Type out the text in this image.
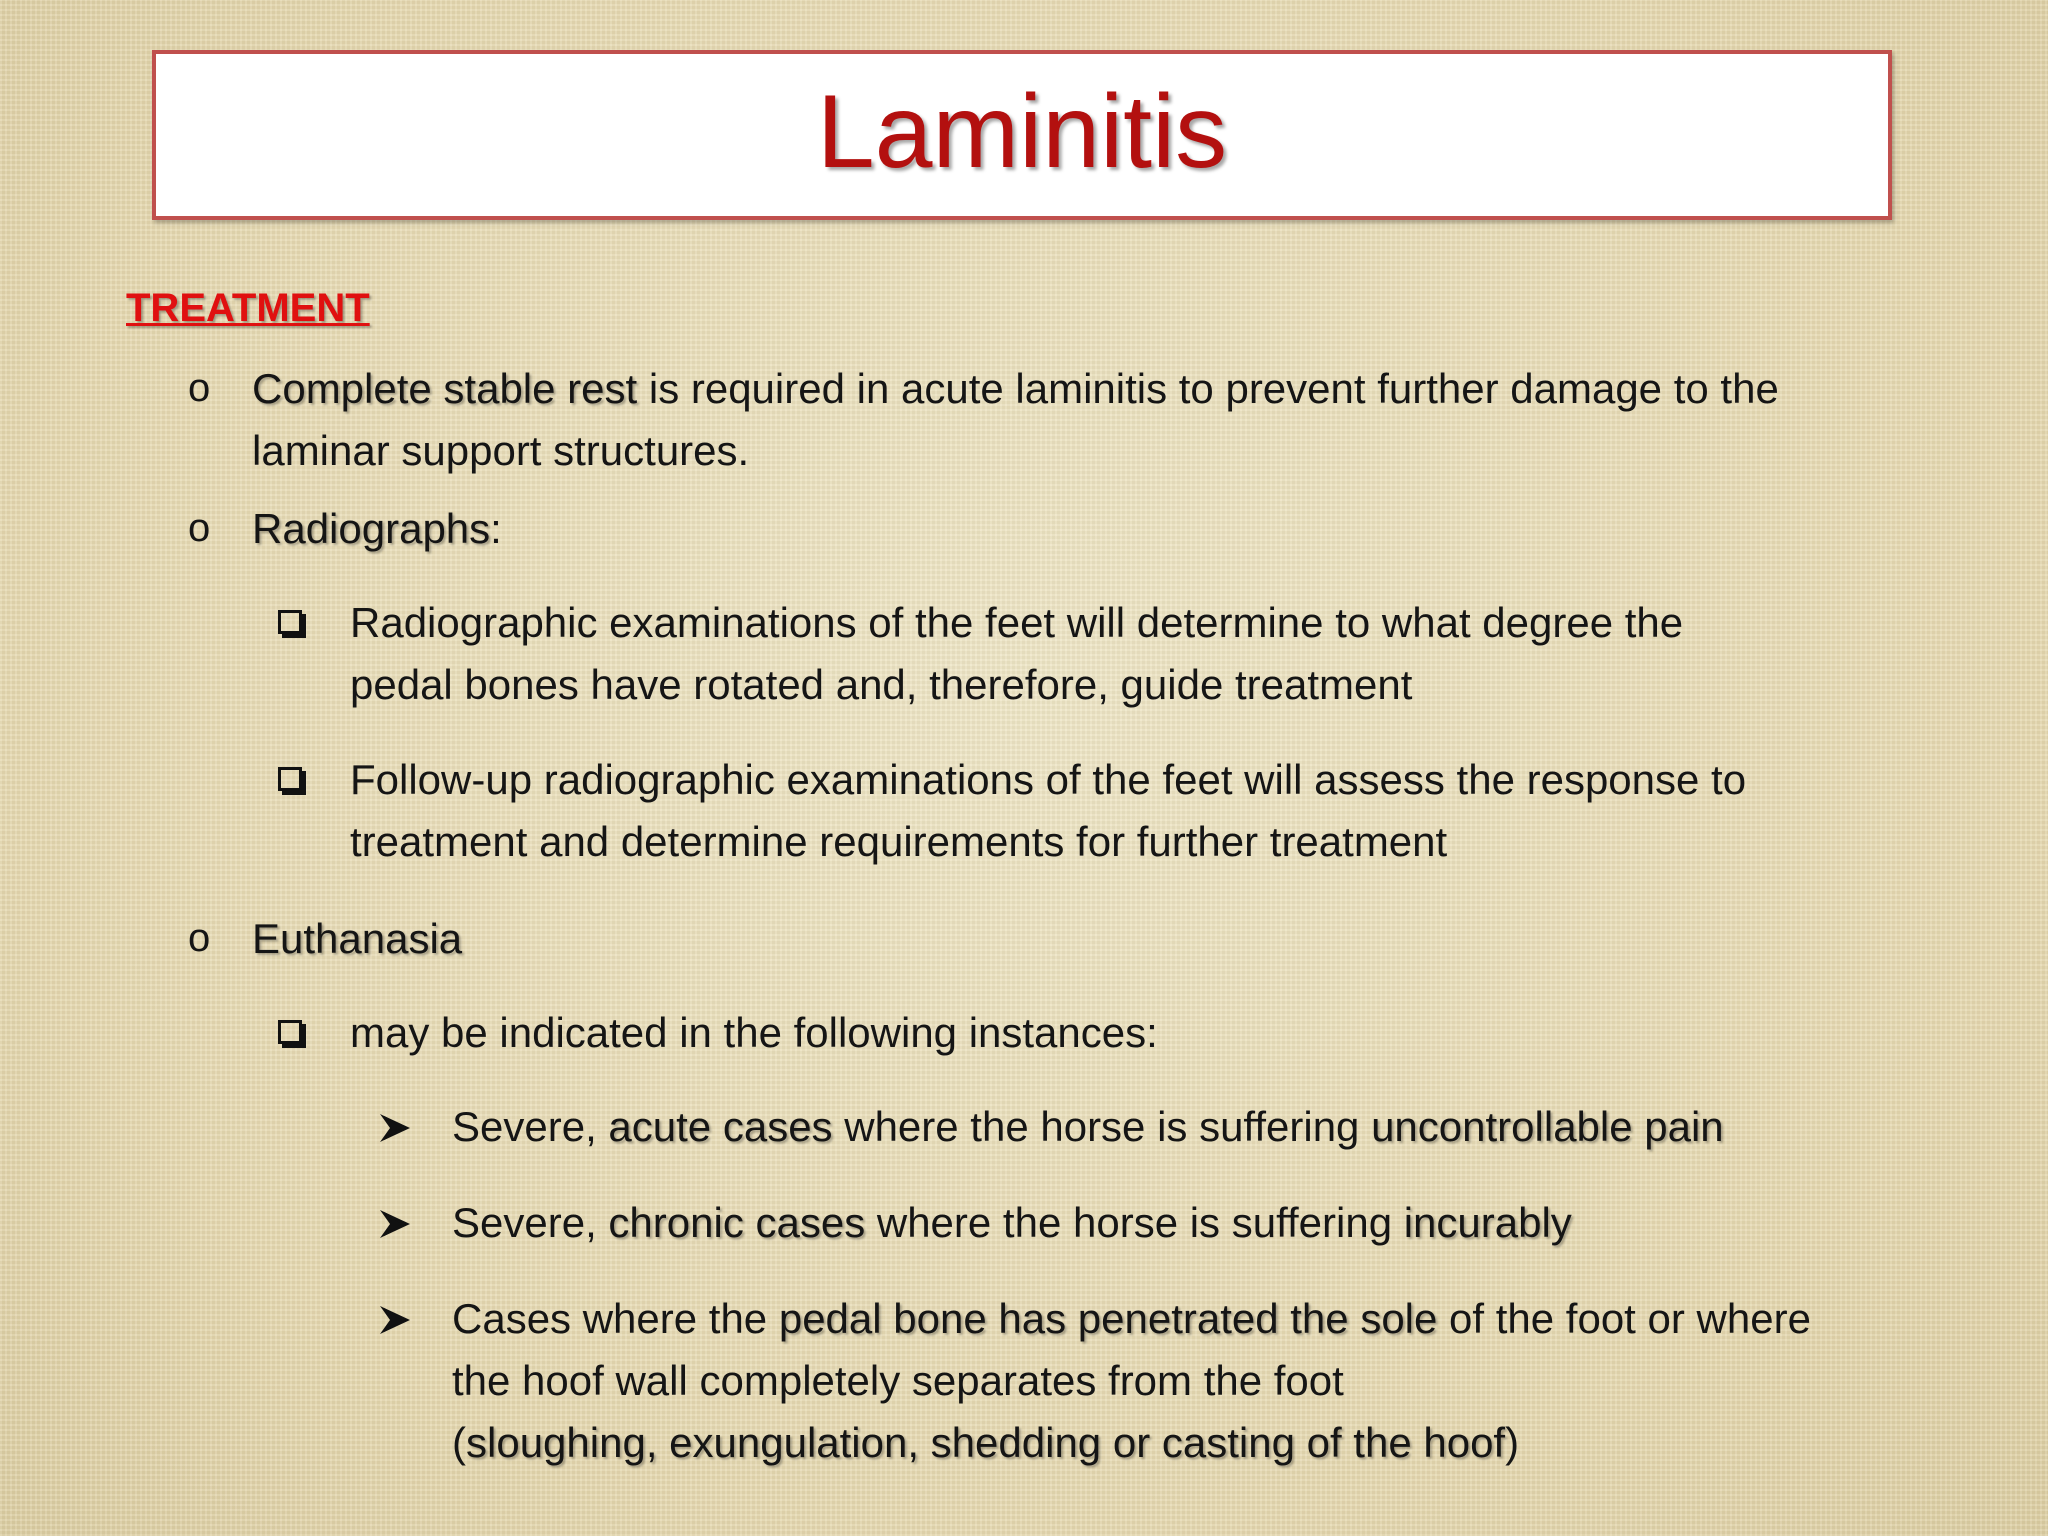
Laminitis
TREATMENT
o Complete stable rest is required in acute laminitis to prevent further damage to the
laminar support structures.
o Radiographs:
Radiographic examinations of the feet will determine to what degree the
pedal bones have rotated and, therefore, guide treatment
Follow-up radiographic examinations of the feet will assess the response to
treatment and determine requirements for further treatment
o Euthanasia
may be indicated in the following instances:
Severe, acute cases where the horse is suffering uncontrollable pain
Severe, chronic cases where the horse is suffering incurably
Cases where the pedal bone has penetrated the sole of the foot or where
the hoof wall completely separates from the foot
(sloughing, exungulation, shedding or casting of the hoof)
